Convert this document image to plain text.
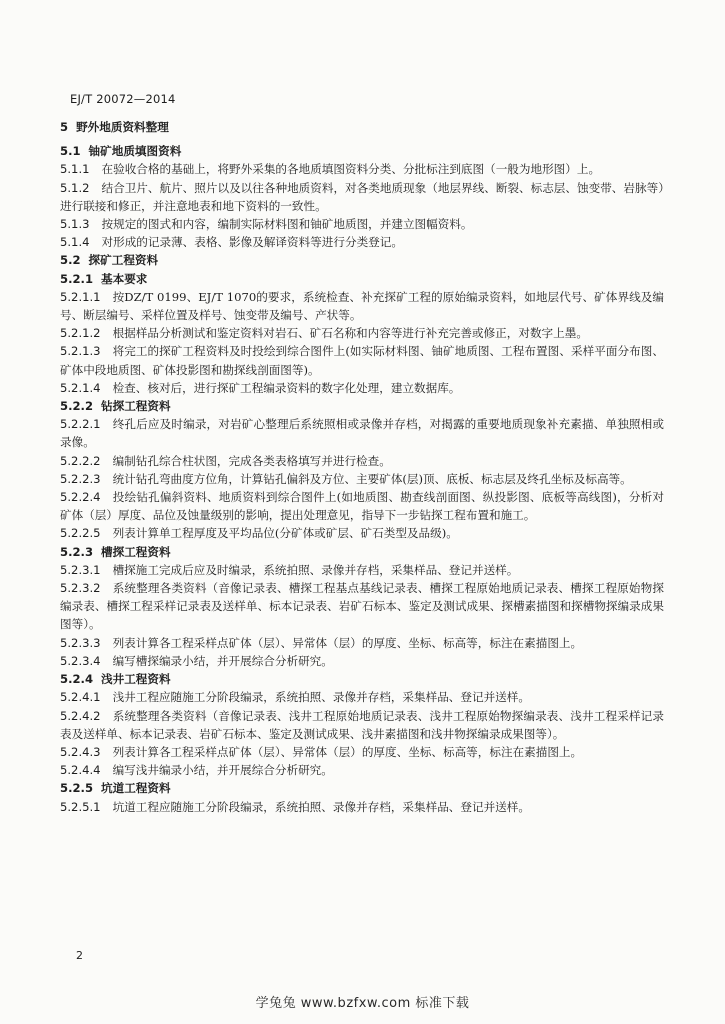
EJ/T 20072—2014
5 野外地质资料整理
5.1 铀矿地质填图资料
5.1.1 在验收合格的基础上，将野外采集的各地质填图资料分类、分批标注到底图（一般为地形图）上。
5.1.2 结合卫片、航片、照片以及以往各种地质资料，对各类地质现象（地层界线、断裂、标志层、蚀变带、岩脉等）进行联接和修正，并注意地表和地下资料的一致性。
5.1.3 按规定的图式和内容，编制实际材料图和铀矿地质图，并建立图幅资料。
5.1.4 对形成的记录薄、表格、影像及解译资料等进行分类登记。
5.2 探矿工程资料
5.2.1 基本要求
5.2.1.1 按DZ/T 0199、EJ/T 1070的要求，系统检查、补充探矿工程的原始编录资料，如地层代号、矿体界线及编号、断层编号、采样位置及样号、蚀变带及编号、产状等。
5.2.1.2 根据样品分析测试和鉴定资料对岩石、矿石名称和内容等进行补充完善或修正，对数字上墨。
5.2.1.3 将完工的探矿工程资料及时投绘到综合图件上(如实际材料图、铀矿地质图、工程布置图、采样平面分布图、矿体中段地质图、矿体投影图和勘探线剖面图等)。
5.2.1.4 检查、核对后，进行探矿工程编录资料的数字化处理，建立数据库。
5.2.2 钻探工程资料
5.2.2.1 终孔后应及时编录，对岩矿心整理后系统照相或录像并存档，对揭露的重要地质现象补充素描、单独照相或录像。
5.2.2.2 编制钻孔综合柱状图，完成各类表格填写并进行检查。
5.2.2.3 统计钻孔弯曲度方位角，计算钻孔偏斜及方位、主要矿体(层)顶、底板、标志层及终孔坐标及标高等。
5.2.2.4 投绘钻孔偏斜资料、地质资料到综合图件上(如地质图、勘查线剖面图、纵投影图、底板等高线图)，分析对矿体（层）厚度、品位及蚀量级别的影响，提出处理意见，指导下一步钻探工程布置和施工。
5.2.2.5 列表计算单工程厚度及平均品位(分矿体或矿层、矿石类型及品级)。
5.2.3 槽探工程资料
5.2.3.1 槽探施工完成后应及时编录，系统拍照、录像并存档，采集样品、登记并送样。
5.2.3.2 系统整理各类资料（音像记录表、槽探工程基点基线记录表、槽探工程原始地质记录表、槽探工程原始物探编录表、槽探工程采样记录表及送样单、标本记录表、岩矿石标本、鉴定及测试成果、探槽素描图和探槽物探编录成果图等）。
5.2.3.3 列表计算各工程采样点矿体（层）、异常体（层）的厚度、坐标、标高等，标注在素描图上。
5.2.3.4 编写槽探编录小结，并开展综合分析研究。
5.2.4 浅井工程资料
5.2.4.1 浅井工程应随施工分阶段编录，系统拍照、录像并存档，采集样品、登记并送样。
5.2.4.2 系统整理各类资料（音像记录表、浅井工程原始地质记录表、浅井工程原始物探编录表、浅井工程采样记录表及送样单、标本记录表、岩矿石标本、鉴定及测试成果、浅井素描图和浅井物探编录成果图等）。
5.2.4.3 列表计算各工程采样点矿体（层）、异常体（层）的厚度、坐标、标高等，标注在素描图上。
5.2.4.4 编写浅井编录小结，并开展综合分析研究。
5.2.5 坑道工程资料
5.2.5.1 坑道工程应随施工分阶段编录，系统拍照、录像并存档，采集样品、登记并送样。
2
学兔兔 www.bzfxw.com 标准下载
